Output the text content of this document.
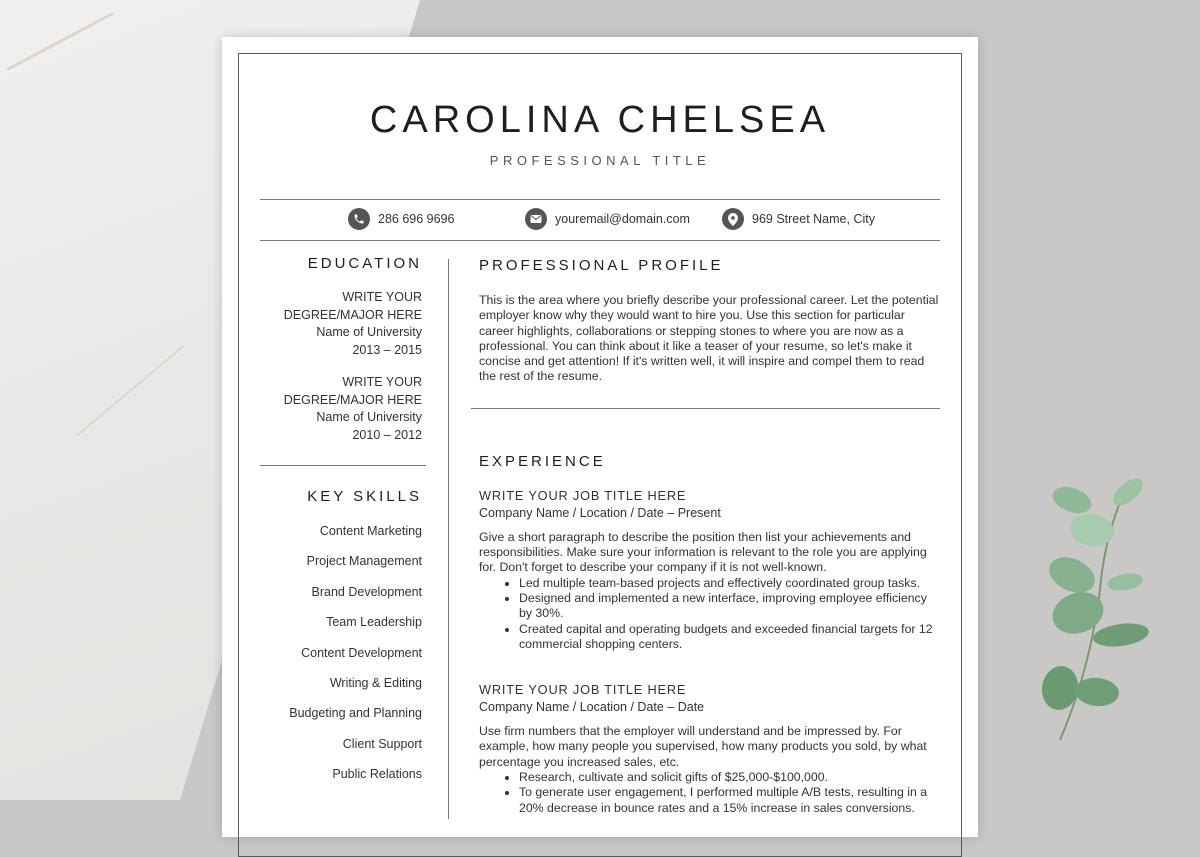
CAROLINA CHELSEA
PROFESSIONAL TITLE
286 696 9696	youremail@domain.com	969 Street Name, City
EDUCATION
WRITE YOUR
DEGREE/MAJOR HERE
Name of University
2013 – 2015
WRITE YOUR
DEGREE/MAJOR HERE
Name of University
2010 – 2012
KEY SKILLS
Content Marketing
Project Management
Brand Development
Team Leadership
Content Development
Writing & Editing
Budgeting and Planning
Client Support
Public Relations
PROFESSIONAL PROFILE
This is the area where you briefly describe your professional career. Let the potential employer know why they would want to hire you. Use this section for particular career highlights, collaborations or stepping stones to where you are now as a professional. You can think about it like a teaser of your resume, so let's make it concise and get attention! If it's written well, it will inspire and compel them to read the rest of the resume.
EXPERIENCE
WRITE YOUR JOB TITLE HERE
Company Name / Location / Date – Present
Give a short paragraph to describe the position then list your achievements and responsibilities. Make sure your information is relevant to the role you are applying for. Don't forget to describe your company if it is not well-known.
• Led multiple team-based projects and effectively coordinated group tasks.
• Designed and implemented a new interface, improving employee efficiency by 30%.
• Created capital and operating budgets and exceeded financial targets for 12 commercial shopping centers.
WRITE YOUR JOB TITLE HERE
Company Name / Location / Date – Date
Use firm numbers that the employer will understand and be impressed by. For example, how many people you supervised, how many products you sold, by what percentage you increased sales, etc.
• Research, cultivate and solicit gifts of $25,000-$100,000.
• To generate user engagement, I performed multiple A/B tests, resulting in a 20% decrease in bounce rates and a 15% increase in sales conversions.
